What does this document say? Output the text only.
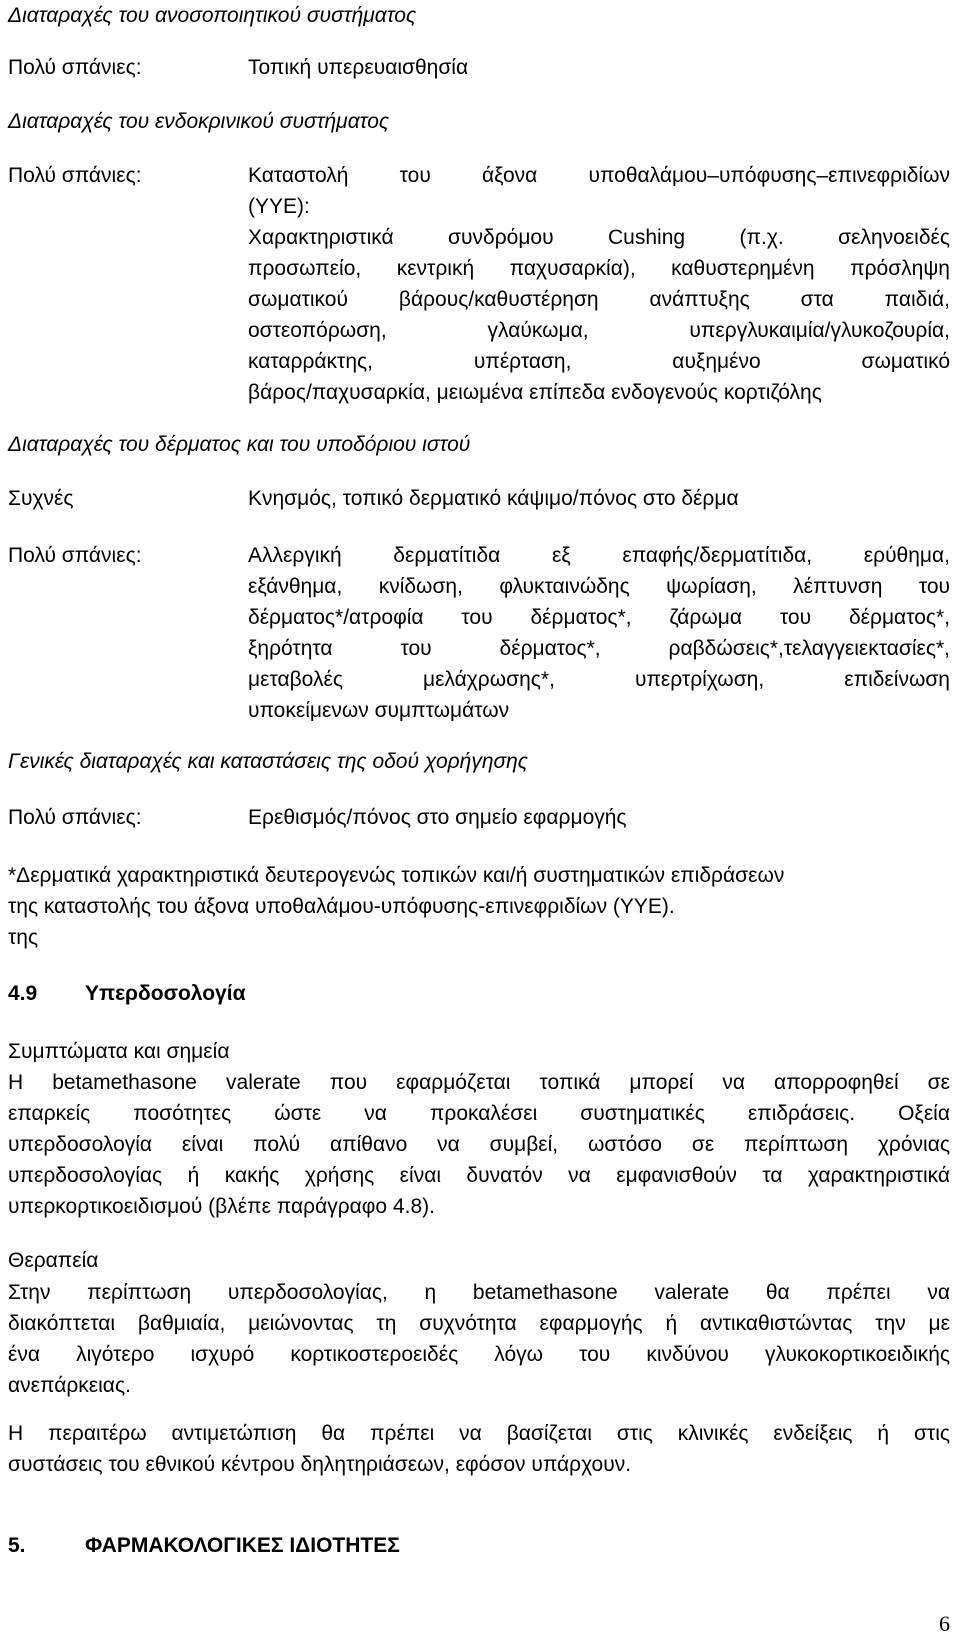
Διαταραχές του ανοσοποιητικού συστήματος
Πολύ σπάνιες:	Τοπική υπερευαισθησία
Διαταραχές του ενδοκρινικού συστήματος
Πολύ σπάνιες:	Καταστολή του άξονα υποθαλάμου–υπόφυσης–επινεφριδίων
(ΥΥΕ):
Χαρακτηριστικά συνδρόμου Cushing (π.χ. σεληνοειδές
προσωπείο, κεντρική παχυσαρκία), καθυστερημένη πρόσληψη
σωματικού βάρους/καθυστέρηση ανάπτυξης στα παιδιά,
οστεοπόρωση, γλαύκωμα, υπεργλυκαιμία/γλυκοζουρία,
καταρράκτης, υπέρταση, αυξημένο σωματικό
βάρος/παχυσαρκία, μειωμένα επίπεδα ενδογενούς κορτιζόλης
Διαταραχές του δέρματος και του υποδόριου ιστού
Συχνές	Κνησμός, τοπικό δερματικό κάψιμο/πόνος στο δέρμα
Πολύ σπάνιες:	Αλλεργική δερματίτιδα εξ επαφής/δερματίτιδα, ερύθημα,
εξάνθημα, κνίδωση, φλυκταινώδης ψωρίαση, λέπτυνση του
δέρματος*/ατροφία του δέρματος*, ζάρωμα του δέρματος*,
ξηρότητα του δέρματος*, ραβδώσεις*,τελαγγειεκτασίες*,
μεταβολές μελάχρωσης*, υπερτρίχωση, επιδείνωση
υποκείμενων συμπτωμάτων
Γενικές διαταραχές και καταστάσεις της οδού χορήγησης
Πολύ σπάνιες:	Ερεθισμός/πόνος στο σημείο εφαρμογής
*Δερματικά χαρακτηριστικά δευτερογενώς τοπικών και/ή συστηματικών επιδράσεων
της καταστολής του άξονα υποθαλάμου-υπόφυσης-επινεφριδίων (ΥΥΕ).
της
4.9 Υπερδοσολογία
Συμπτώματα και σημεία
Η betamethasone valerate που εφαρμόζεται τοπικά μπορεί να απορροφηθεί σε
επαρκείς ποσότητες ώστε να προκαλέσει συστηματικές επιδράσεις. Οξεία
υπερδοσολογία είναι πολύ απίθανο να συμβεί, ωστόσο σε περίπτωση χρόνιας
υπερδοσολογίας ή κακής χρήσης είναι δυνατόν να εμφανισθούν τα χαρακτηριστικά
υπερκορτικοειδισμού (βλέπε παράγραφο 4.8).
Θεραπεία
Στην περίπτωση υπερδοσολογίας, η betamethasone valerate θα πρέπει να
διακόπτεται βαθμιαία, μειώνοντας τη συχνότητα εφαρμογής ή αντικαθιστώντας την με
ένα λιγότερο ισχυρό κορτικοστεροειδές λόγω του κινδύνου γλυκοκορτικοειδικής
ανεπάρκειας.
Η περαιτέρω αντιμετώπιση θα πρέπει να βασίζεται στις κλινικές ενδείξεις ή στις
συστάσεις του εθνικού κέντρου δηλητηριάσεων, εφόσον υπάρχουν.
5.	ΦΑΡΜΑΚΟΛΟΓΙΚΕΣ ΙΔΙΟΤΗΤΕΣ
6
